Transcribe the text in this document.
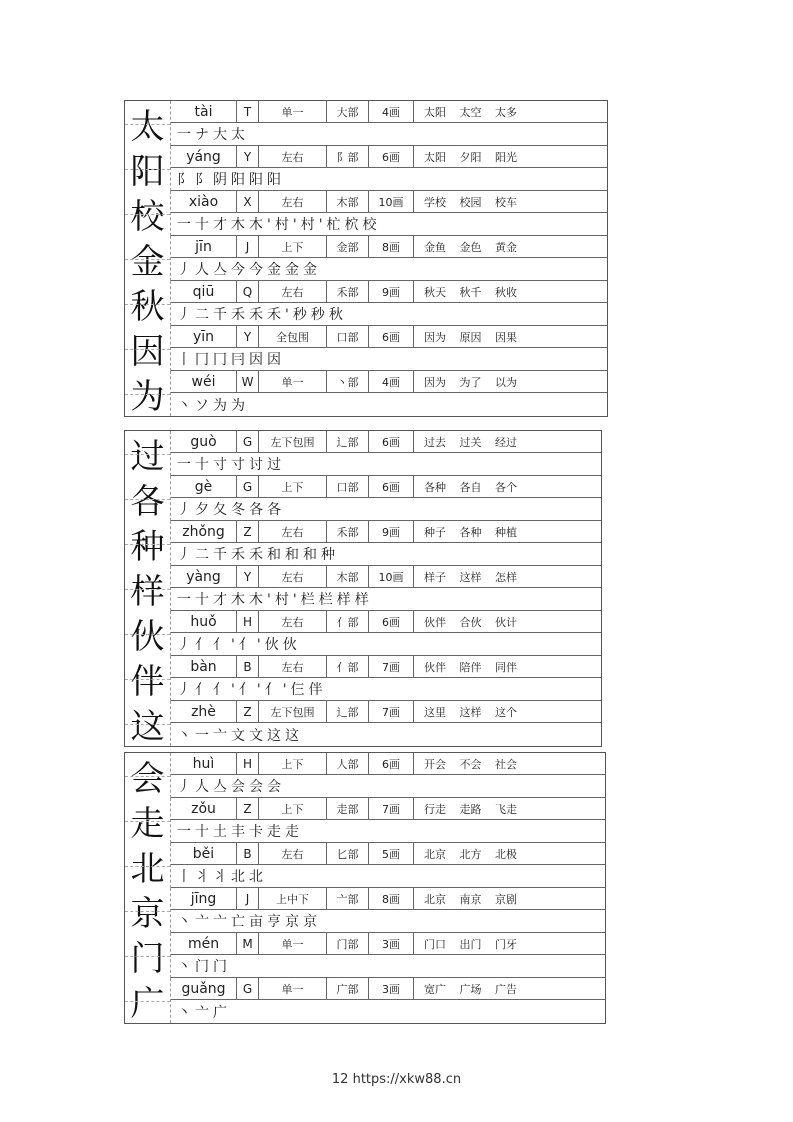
太	tài	T	单一	大部	4画	太阳 太空 太多
一ナ大太
阳	yáng	Y	左右	阝部	6画	太阳 夕阳 阳光
阝阝阴阳阳阳
校	xiào	X	左右	木部	10画	学校 校园 校车
一十才木木'村'村'杧柼校
金	jīn	J	上下	金部	8画	金鱼 金色 黄金
丿人亼今今金金金
秋	qiū	Q	左右	禾部	9画	秋天 秋千 秋收
丿二千禾禾禾'秒秒秋
因	yīn	Y	全包围	口部	6画	因为 原因 因果
丨冂冂冃因因
为	wéi	W	单一	丶部	4画	因为 为了 以为
丶ソ为为
过	guò	G	左下包围	辶部	6画	过去 过关 经过
一十寸寸讨过
各	gè	G	上下	口部	6画	各种 各自 各个
丿夕夂冬各各
种	zhǒng	Z	左右	禾部	9画	种子 各种 种植
丿二千禾禾和和和种
样	yàng	Y	左右	木部	10画	样子 这样 怎样
一十才木木'村'栏栏样样
伙	huǒ	H	左右	亻部	6画	伙伴 合伙 伙计
丿亻亻'亻'伙伙
伴	bàn	B	左右	亻部	7画	伙伴 陪伴 同伴
丿亻亻'亻'亻'仨伴
这	zhè	Z	左下包围	辶部	7画	这里 这样 这个
丶一亠文文这这
会	huì	H	上下	人部	6画	开会 不会 社会
丿人亼会会会
走	zǒu	Z	上下	走部	7画	行走 走路 飞走
一十土丰卡走走
北	běi	B	左右	匕部	5画	北京 北方 北极
丨丬丬北北
京	jīng	J	上中下	亠部	8画	北京 南京 京剧
丶亠亠亡亩亨京京
门	mén	M	单一	门部	3画	门口 出门 门牙
丶门门
广	guǎng	G	单一	广部	3画	宽广 广场 广告
丶亠广
12 https://xkw88.cn
